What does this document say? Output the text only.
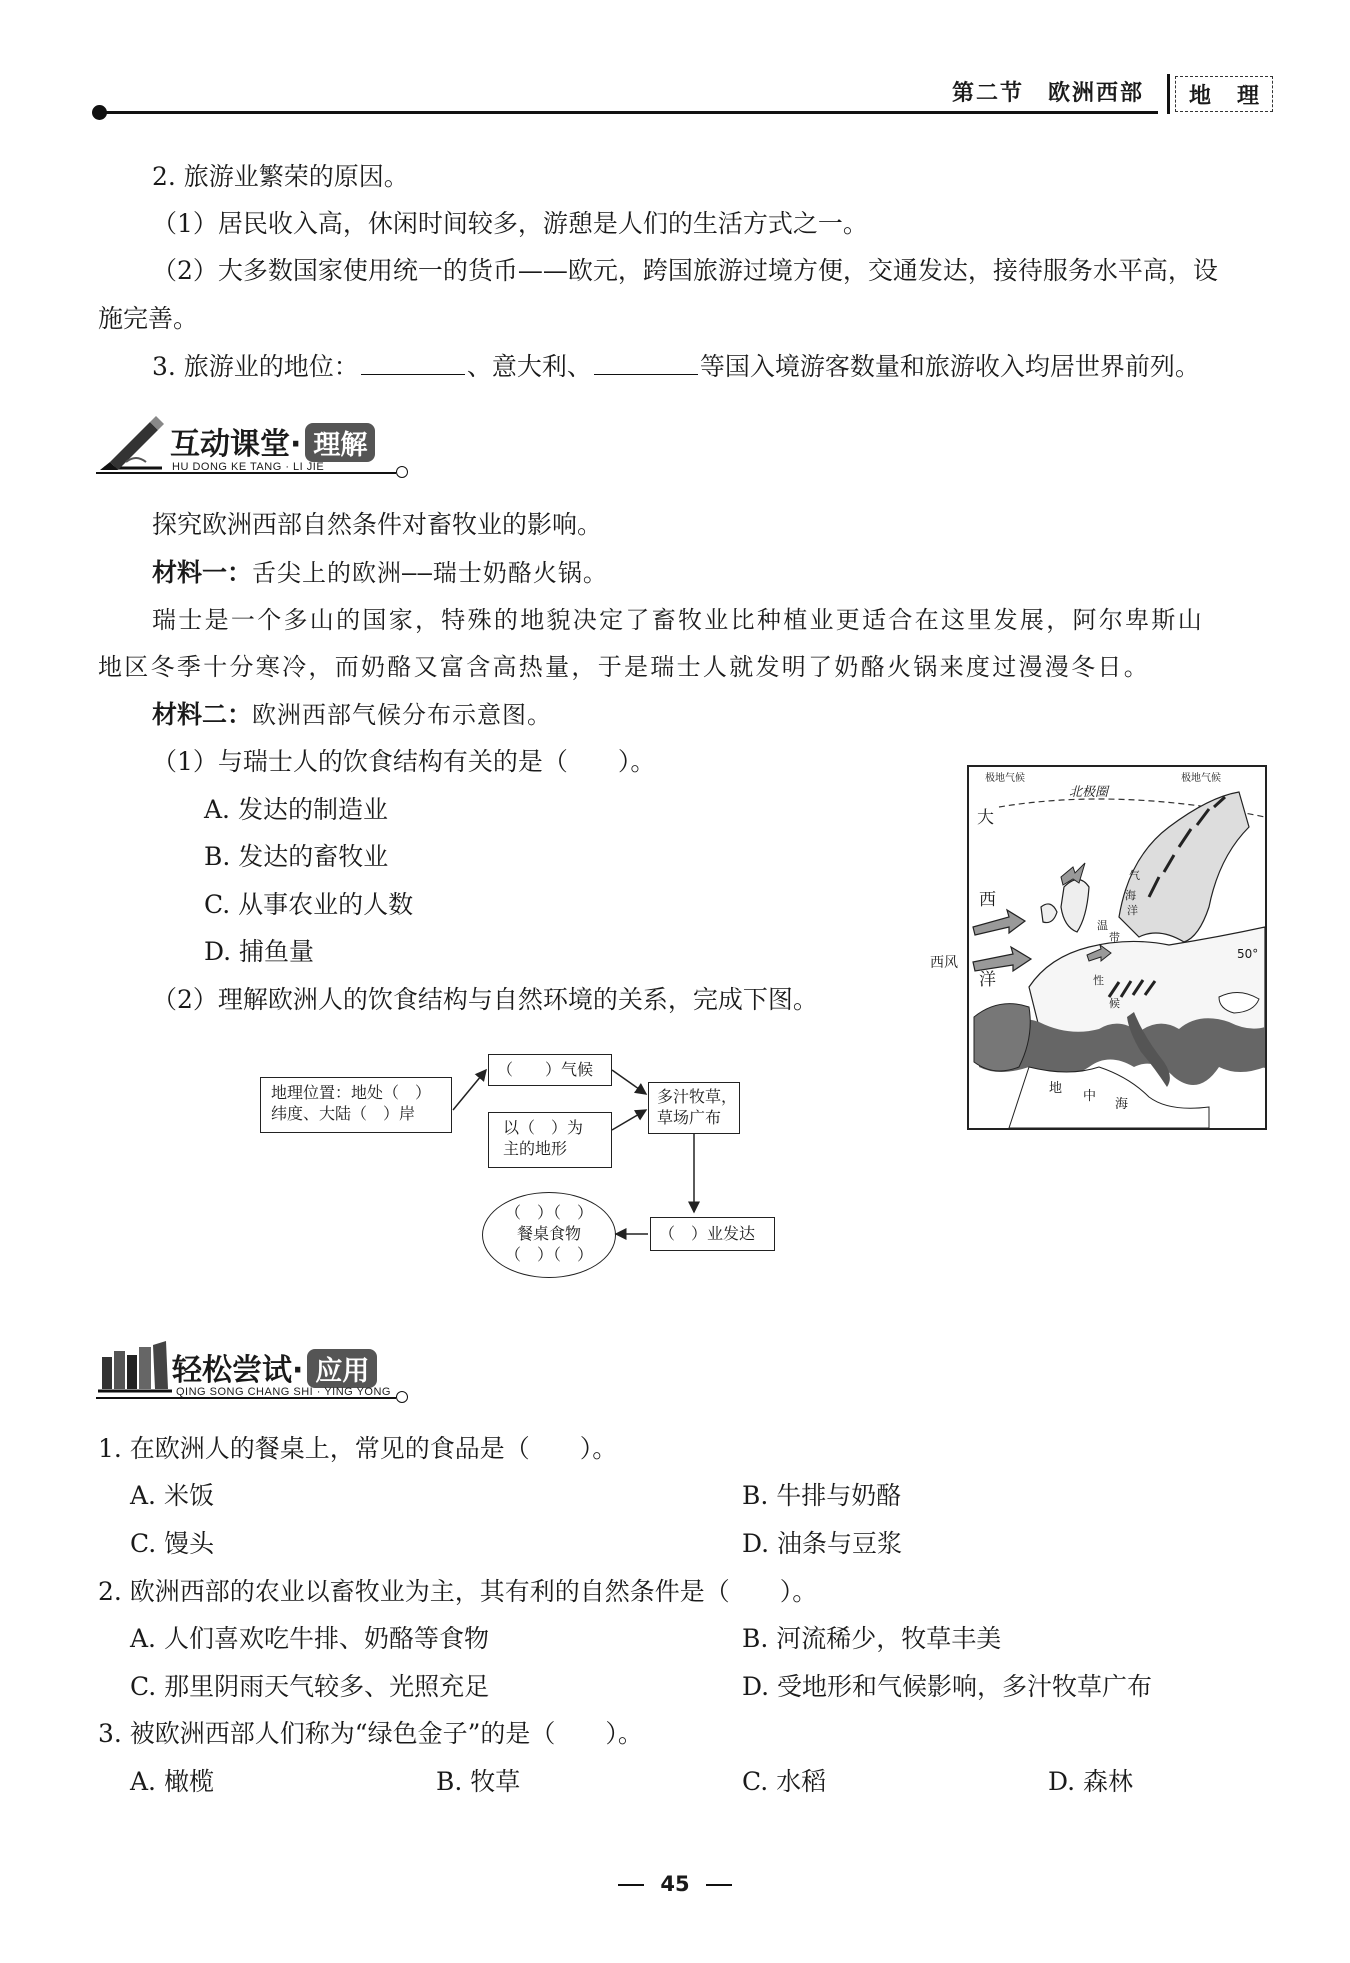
第二节　欧洲西部 地 理
2. 旅游业繁荣的原因。
（1）居民收入高，休闲时间较多，游憩是人们的生活方式之一。
（2）大多数国家使用统一的货币——欧元，跨国旅游过境方便，交通发达，接待服务水平高，设
施完善。
3. 旅游业的地位：	、意大利、	等国入境游客数量和旅游收入均居世界前列。
互动课堂· 理解
HU DONG KE TANG · LI JIE
探究欧洲西部自然条件对畜牧业的影响。
材料一：舌尖上的欧洲——瑞士奶酪火锅。
瑞士是一个多山的国家，特殊的地貌决定了畜牧业比种植业更适合在这里发展，阿尔卑斯山
地区冬季十分寒冷，而奶酪又富含高热量，于是瑞士人就发明了奶酪火锅来度过漫漫冬日。
材料二：欧洲西部气候分布示意图。
（1）与瑞士人的饮食结构有关的是（　　）。
A. 发达的制造业
B. 发达的畜牧业
C. 从事农业的人数
D. 捕鱼量
（2）理解欧洲人的饮食结构与自然环境的关系，完成下图。
极地气候
北极圈
极地气候
大
西
洋
50°
温
带
海
洋
性
气
候
地
中
海
西风
地理位置：地处（　）
纬度、大陆（　）岸
（　　）气候
以（　）为
主的地形
多汁牧草，
草场广布
（　）业发达
（　）（　）
餐桌食物
（　）（　）
轻松尝试· 应用
QING SONG CHANG SHI · YING YONG
1. 在欧洲人的餐桌上，常见的食品是（　　）。
A. 米饭	B. 牛排与奶酪
C. 馒头	D. 油条与豆浆
2. 欧洲西部的农业以畜牧业为主，其有利的自然条件是（　　）。
A. 人们喜欢吃牛排、奶酪等食物	B. 河流稀少，牧草丰美
C. 那里阴雨天气较多、光照充足	D. 受地形和气候影响，多汁牧草广布
3. 被欧洲西部人们称为“绿色金子”的是（　　）。
A. 橄榄	B. 牧草	C. 水稻	D. 森林
45
